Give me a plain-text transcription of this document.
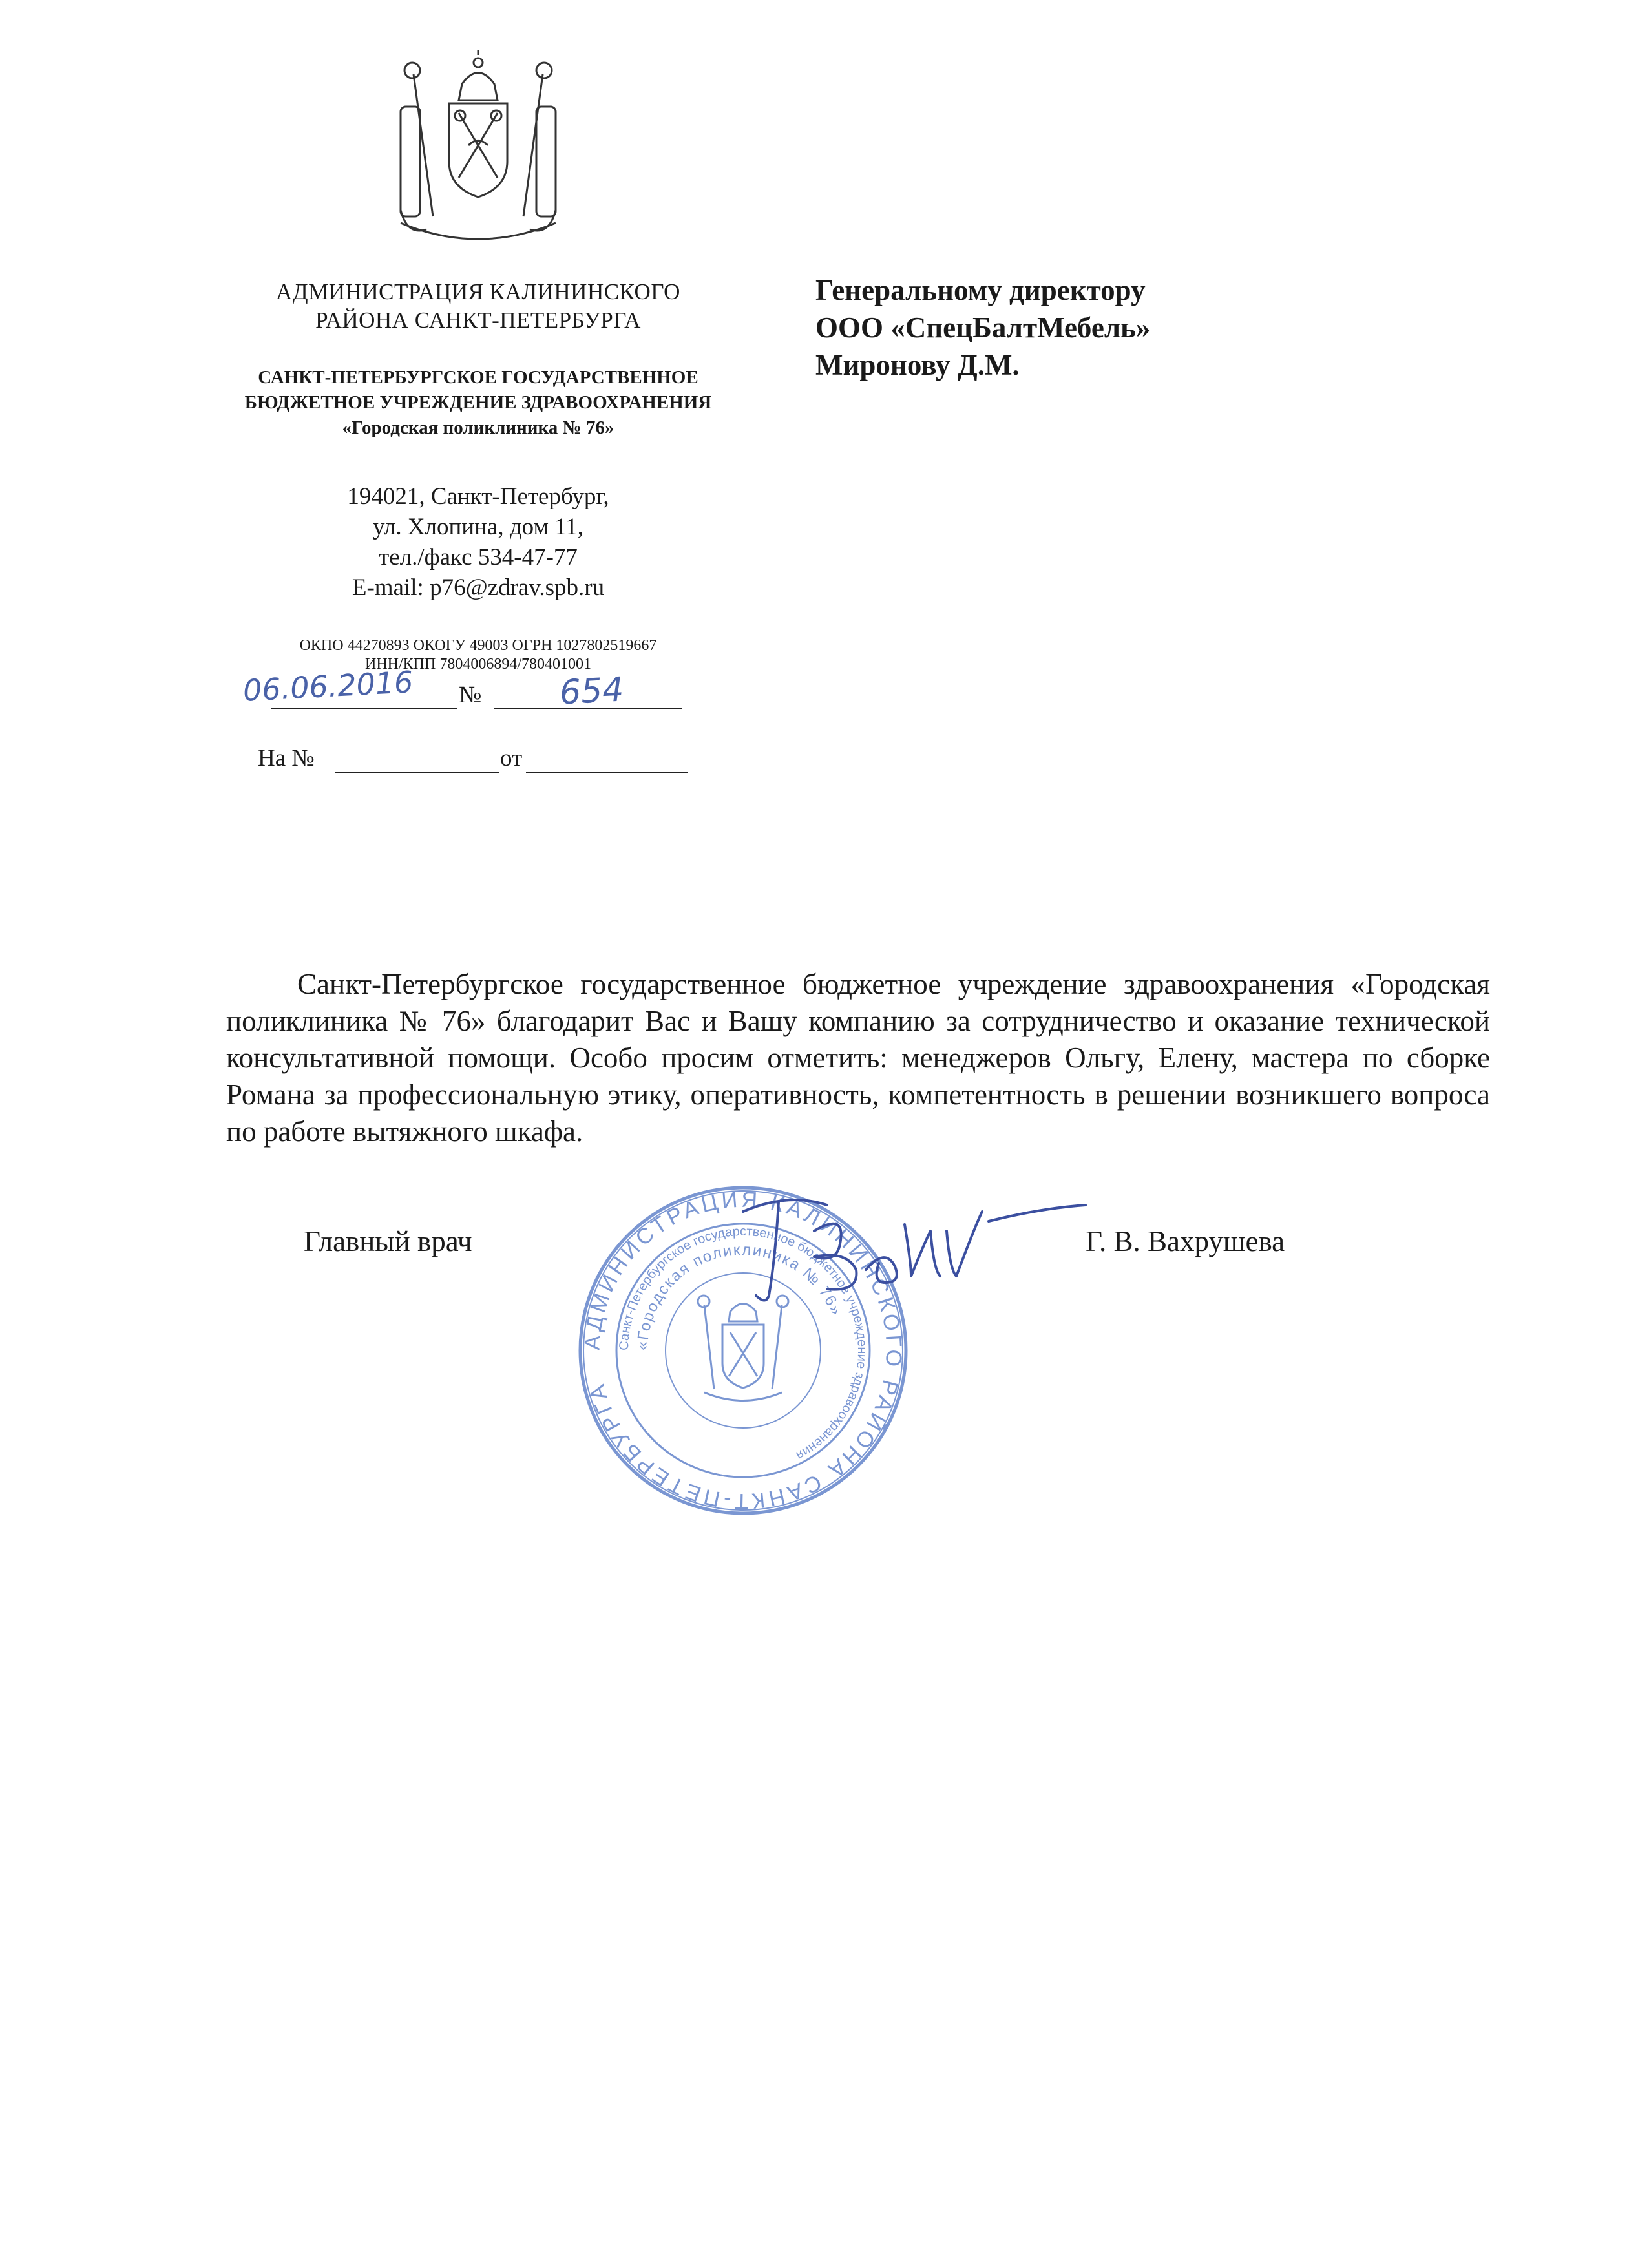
АДМИНИСТРАЦИЯ КАЛИНИНСКОГО
РАЙОНА САНКТ-ПЕТЕРБУРГА
САНКТ-ПЕТЕРБУРГСКОЕ ГОСУДАРСТВЕННОЕ
БЮДЖЕТНОЕ УЧРЕЖДЕНИЕ ЗДРАВООХРАНЕНИЯ
«Городская поликлиника № 76»
194021, Санкт-Петербург,
ул. Хлопина, дом 11,
тел./факс 534-47-77
E-mail: p76@zdrav.spb.ru
ОКПО 44270893 ОКОГУ 49003 ОГРН 1027802519667
ИНН/КПП 7804006894/780401001
06.06.2016 № 654
На №	от
Генеральному директору
ООО «СпецБалтМебель»
Миронову Д.М.
Санкт-Петербургское государственное бюджетное учреждение здравоохранения «Городская поликлиника № 76» благодарит Вас и Вашу компанию за сотрудничество и оказание технической консультативной помощи. Особо просим отметить: менеджеров Ольгу, Елену, мастера по сборке Романа за профессиональную этику, оперативность, компетентность в решении возникшего вопроса по работе вытяжного шкафа.
Главный врач	Г. В. Вахрушева
АДМИНИСТРАЦИЯ КАЛИНИНСКОГО РАЙОНА САНКТ-ПЕТЕРБУРГА
Санкт-Петербургское государственное бюджетное учреждение здравоохранения
«Городская поликлиника № 76»
